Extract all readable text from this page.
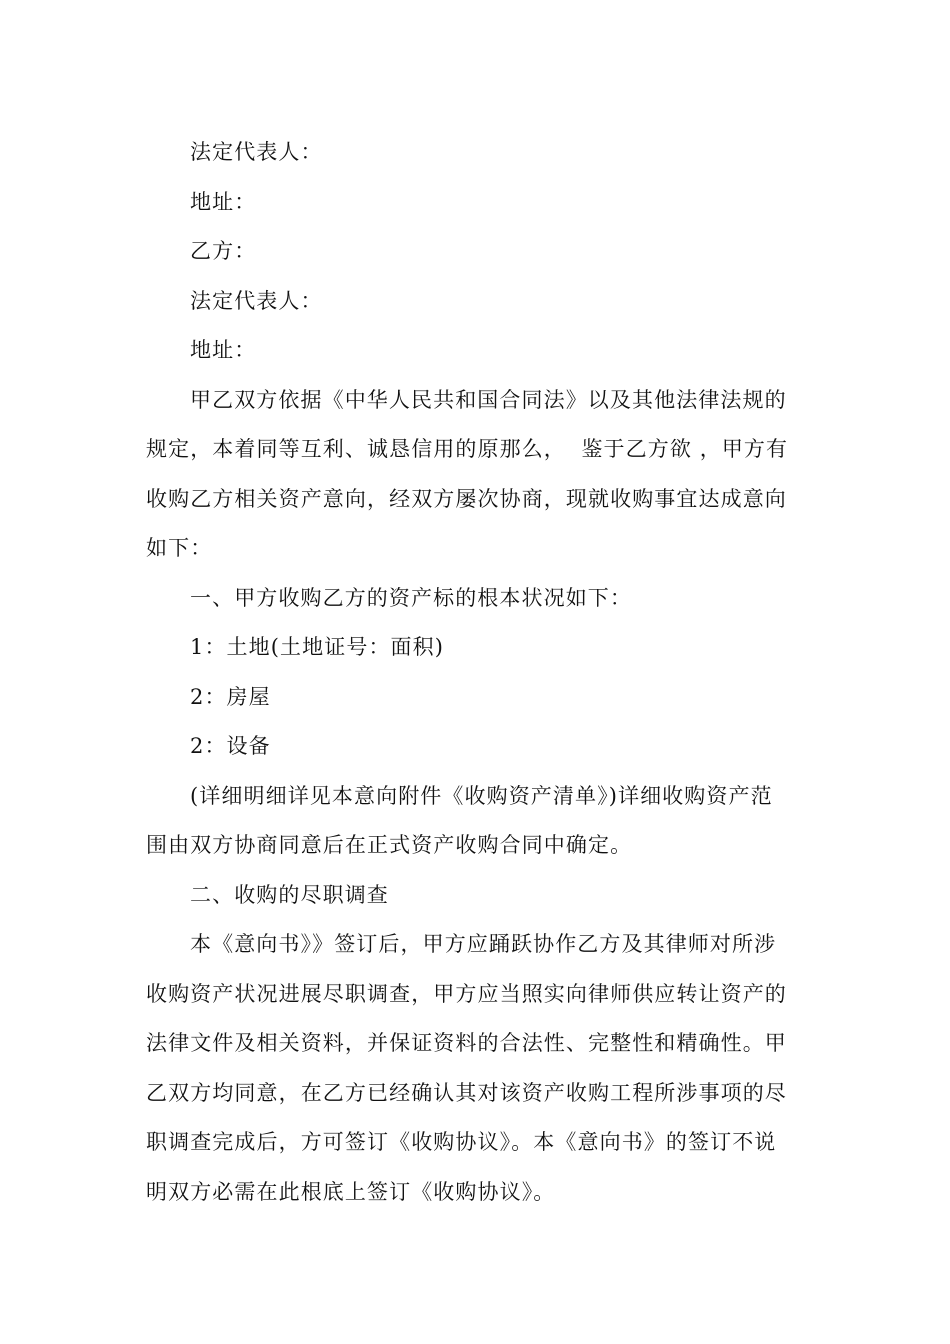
法定代表人：
地址：
乙方：
法定代表人：
地址：
甲乙双方依据《中华人民共和国合同法》以及其他法律法规的
规定，本着同等互利、诚恳信用的原那么，  鉴于乙方欲 ，甲方有
收购乙方相关资产意向，经双方屡次协商，现就收购事宜达成意向
如下：
一、甲方收购乙方的资产标的根本状况如下：
1：土地(土地证号：面积)
2：房屋
2：设备
(详细明细详见本意向附件《收购资产清单》)详细收购资产范
围由双方协商同意后在正式资产收购合同中确定。
二、收购的尽职调查
本《意向书》》签订后，甲方应踊跃协作乙方及其律师对所涉
收购资产状况进展尽职调查，甲方应当照实向律师供应转让资产的
法律文件及相关资料，并保证资料的合法性、完整性和精确性。甲
乙双方均同意，在乙方已经确认其对该资产收购工程所涉事项的尽
职调查完成后，方可签订《收购协议》。本《意向书》的签订不说
明双方必需在此根底上签订《收购协议》。
